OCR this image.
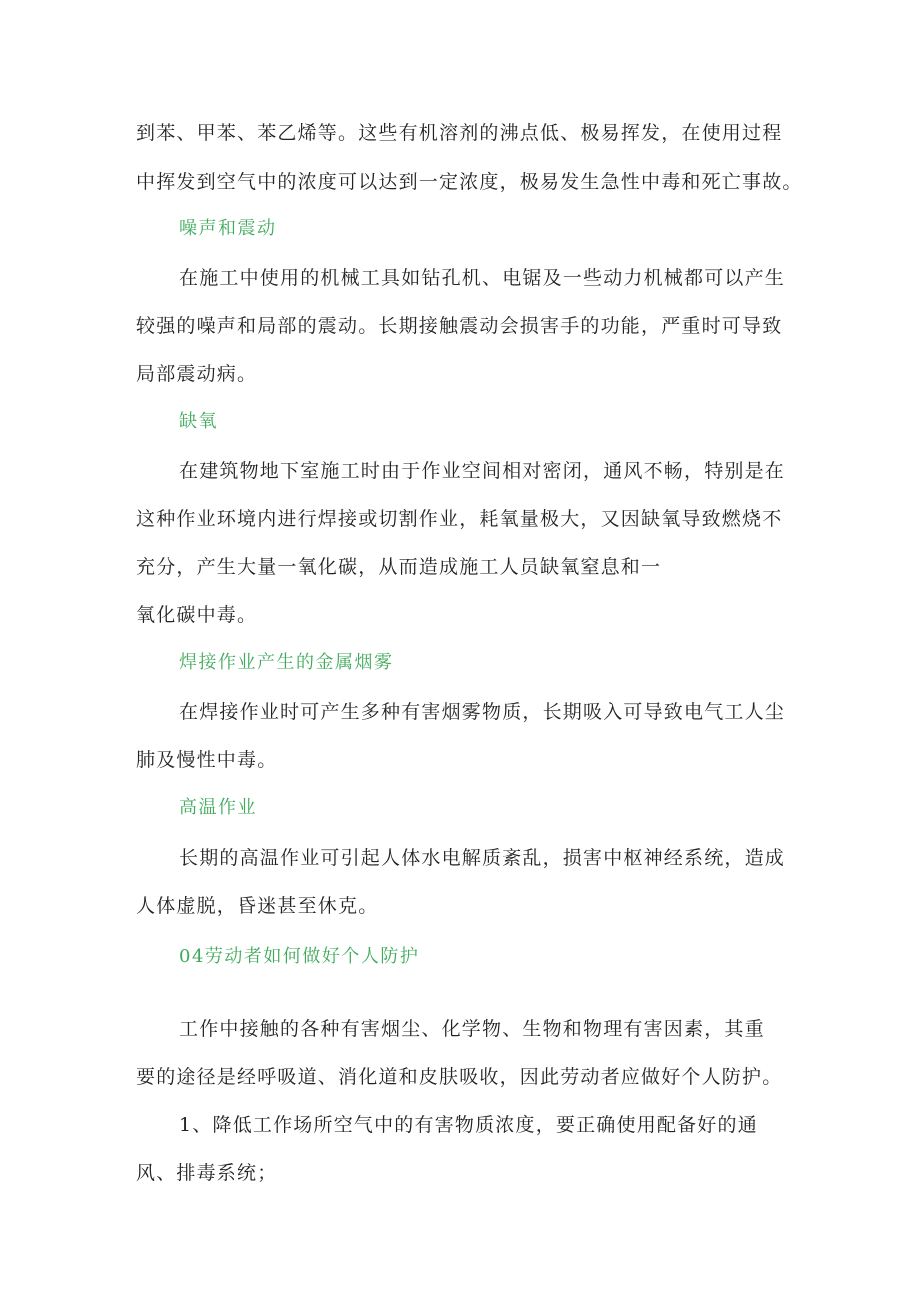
到苯、甲苯、苯乙烯等。这些有机溶剂的沸点低、极易挥发，在使用过程
中挥发到空气中的浓度可以达到一定浓度，极易发生急性中毒和死亡事故。
噪声和震动
在施工中使用的机械工具如钻孔机、电锯及一些动力机械都可以产生
较强的噪声和局部的震动。长期接触震动会损害手的功能，严重时可导致
局部震动病。
缺氧
在建筑物地下室施工时由于作业空间相对密闭，通风不畅，特别是在
这种作业环境内进行焊接或切割作业，耗氧量极大，又因缺氧导致燃烧不
充分，产生大量一氧化碳，从而造成施工人员缺氧窒息和一
氧化碳中毒。
焊接作业产生的金属烟雾
在焊接作业时可产生多种有害烟雾物质，长期吸入可导致电气工人尘
肺及慢性中毒。
高温作业
长期的高温作业可引起人体水电解质紊乱，损害中枢神经系统，造成
人体虚脱，昏迷甚至休克。
04劳动者如何做好个人防护
工作中接触的各种有害烟尘、化学物、生物和物理有害因素，其重
要的途径是经呼吸道、消化道和皮肤吸收，因此劳动者应做好个人防护。
1、降低工作场所空气中的有害物质浓度，要正确使用配备好的通
风、排毒系统；
